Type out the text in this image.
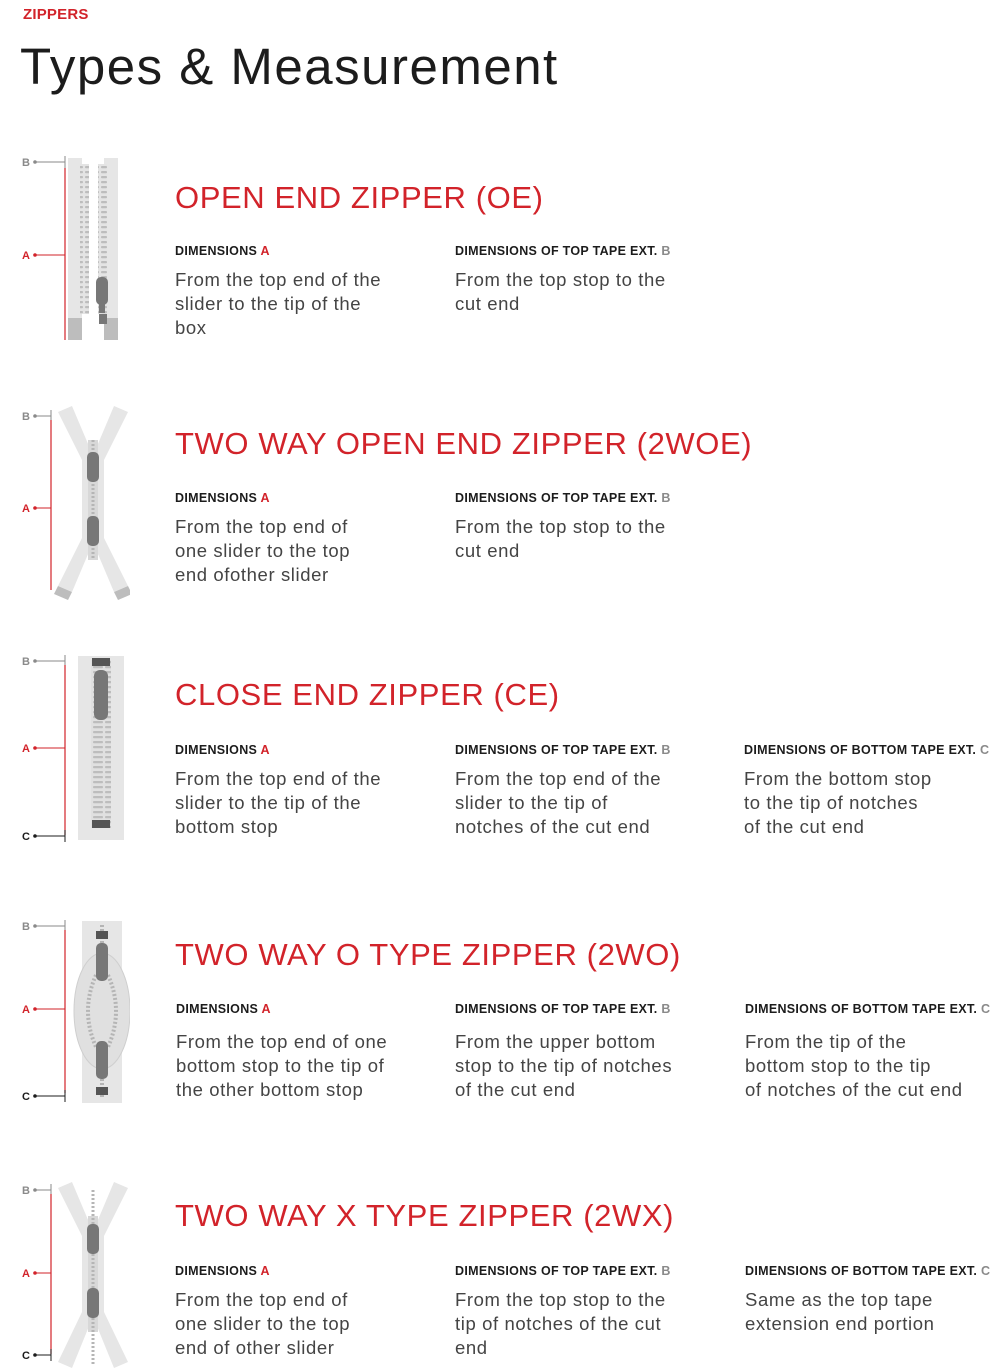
ZIPPERS
Types & Measurement
B
A
OPEN END ZIPPER (OE)
DIMENSIONS A
From the top end of the
slider to the tip of the
box
DIMENSIONS OF TOP TAPE EXT. B
From the top stop to the
cut end
B
A
TWO WAY OPEN END ZIPPER (2WOE)
DIMENSIONS A
From the top end of
one slider to the top
end ofother slider
DIMENSIONS OF TOP TAPE EXT. B
From the top stop to the
cut end
B
A
C
CLOSE END ZIPPER (CE)
DIMENSIONS A
From the top end of the
slider to the tip of the
bottom stop
DIMENSIONS OF TOP TAPE EXT. B
From the top end of the
slider to the tip of
notches of the cut end
DIMENSIONS OF BOTTOM TAPE EXT. C
From the bottom stop
to the tip of notches
of the cut end
B
A
C
TWO WAY O TYPE ZIPPER (2WO)
DIMENSIONS A
From the top end of one
bottom stop to the tip of
the other bottom stop
DIMENSIONS OF TOP TAPE EXT. B
From the upper bottom
stop to the tip of notches
of the cut end
DIMENSIONS OF BOTTOM TAPE EXT. C
From the tip of the
bottom stop to the tip
of notches of the cut end
B
A
C
TWO WAY X TYPE ZIPPER (2WX)
DIMENSIONS A
From the top end of
one slider to the top
end of other slider
DIMENSIONS OF TOP TAPE EXT. B
From the top stop to the
tip of notches of the cut
end
DIMENSIONS OF BOTTOM TAPE EXT. C
Same as the top tape
extension end portion
